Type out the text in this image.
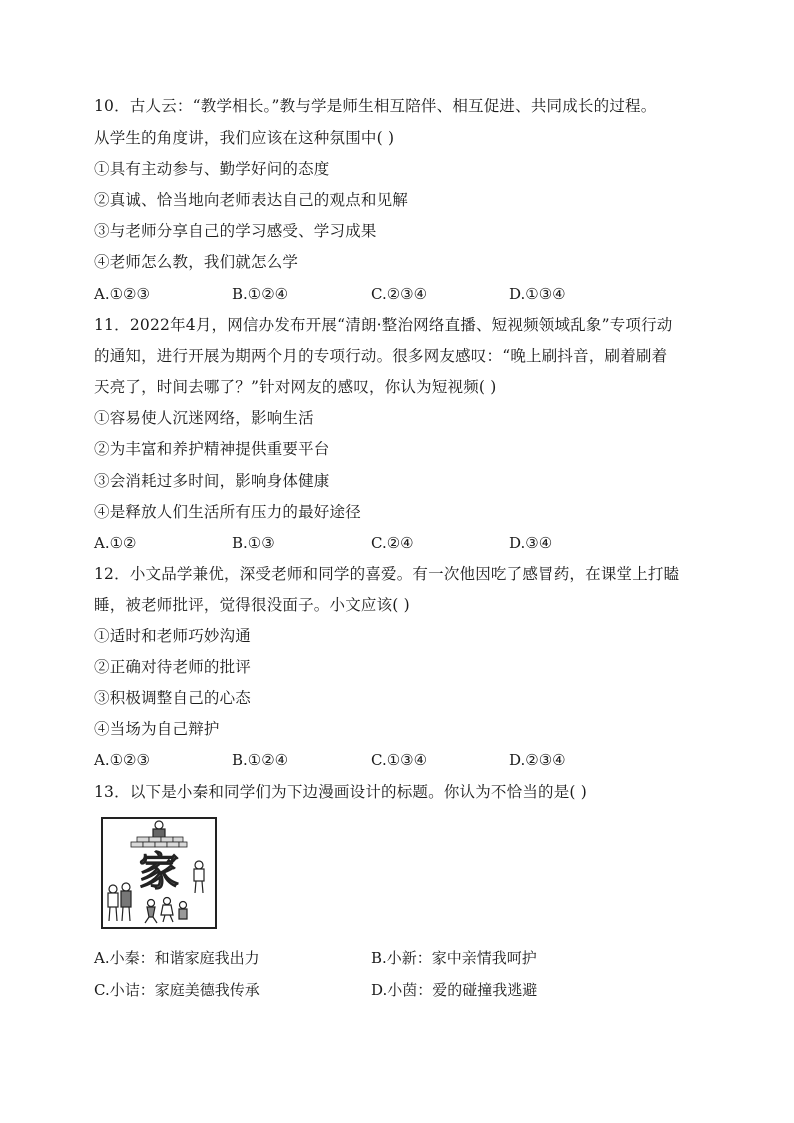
10．古人云：“教学相长。”教与学是师生相互陪伴、相互促进、共同成长的过程。
从学生的角度讲，我们应该在这种氛围中( )
①具有主动参与、勤学好问的态度
②真诚、恰当地向老师表达自己的观点和见解
③与老师分享自己的学习感受、学习成果
④老师怎么教，我们就怎么学
A.①②③	B.①②④	C.②③④	D.①③④
11．2022年4月，网信办发布开展“清朗·整治网络直播、短视频领域乱象”专项行动
的通知，进行开展为期两个月的专项行动。很多网友感叹：“晚上刷抖音，刷着刷着
天亮了，时间去哪了？”针对网友的感叹，你认为短视频( )
①容易使人沉迷网络，影响生活
②为丰富和养护精神提供重要平台
③会消耗过多时间，影响身体健康
④是释放人们生活所有压力的最好途径
A.①②	B.①③	C.②④	D.③④
12．小文品学兼优，深受老师和同学的喜爱。有一次他因吃了感冒药，在课堂上打瞌
睡，被老师批评，觉得很没面子。小文应该( )
①适时和老师巧妙沟通
②正确对待老师的批评
③积极调整自己的心态
④当场为自己辩护
A.①②③	B.①②④	C.①③④	D.②③④
13．以下是小秦和同学们为下边漫画设计的标题。你认为不恰当的是( )
家
A.小秦：和谐家庭我出力	B.小新：家中亲情我呵护
C.小诘：家庭美德我传承	D.小茵：爱的碰撞我逃避
